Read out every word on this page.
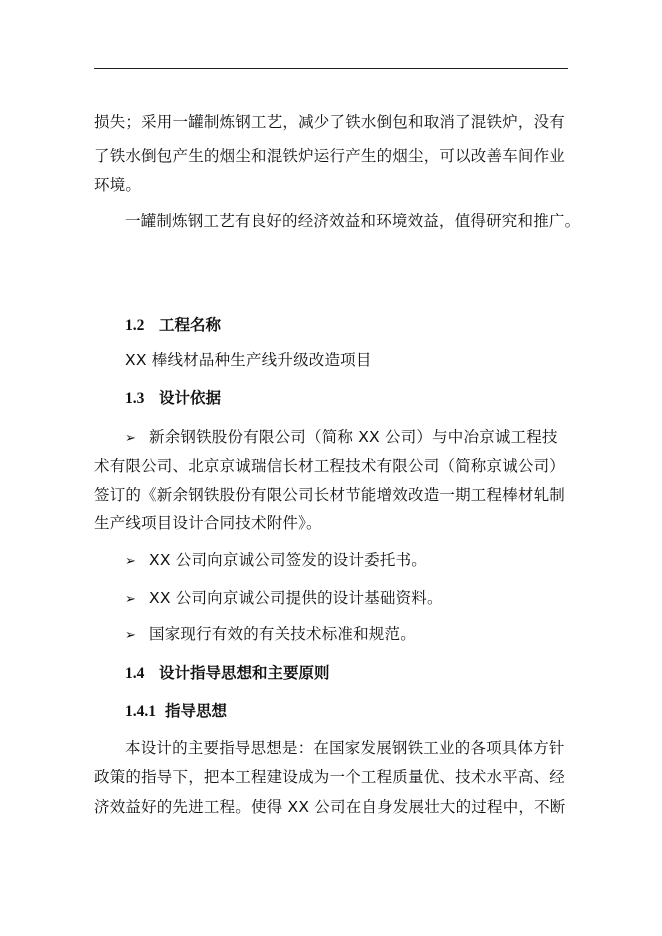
损失；采用一罐制炼钢工艺，减少了铁水倒包和取消了混铁炉，没有
了铁水倒包产生的烟尘和混铁炉运行产生的烟尘，可以改善车间作业
环境。
一罐制炼钢工艺有良好的经济效益和环境效益，值得研究和推广。
1.2 工程名称
XX 棒线材品种生产线升级改造项目
1.3 设计依据
➢ 新余钢铁股份有限公司（简称 XX 公司）与中冶京诚工程技
术有限公司、北京京诚瑞信长材工程技术有限公司（简称京诚公司）
签订的《新余钢铁股份有限公司长材节能增效改造一期工程棒材轧制
生产线项目设计合同技术附件》。
➢ XX 公司向京诚公司签发的设计委托书。
➢ XX 公司向京诚公司提供的设计基础资料。
➢ 国家现行有效的有关技术标准和规范。
1.4 设计指导思想和主要原则
1.4.1 指导思想
本设计的主要指导思想是：在国家发展钢铁工业的各项具体方针
政策的指导下，把本工程建设成为一个工程质量优、技术水平高、经
济效益好的先进工程。使得 XX 公司在自身发展壮大的过程中，不断
